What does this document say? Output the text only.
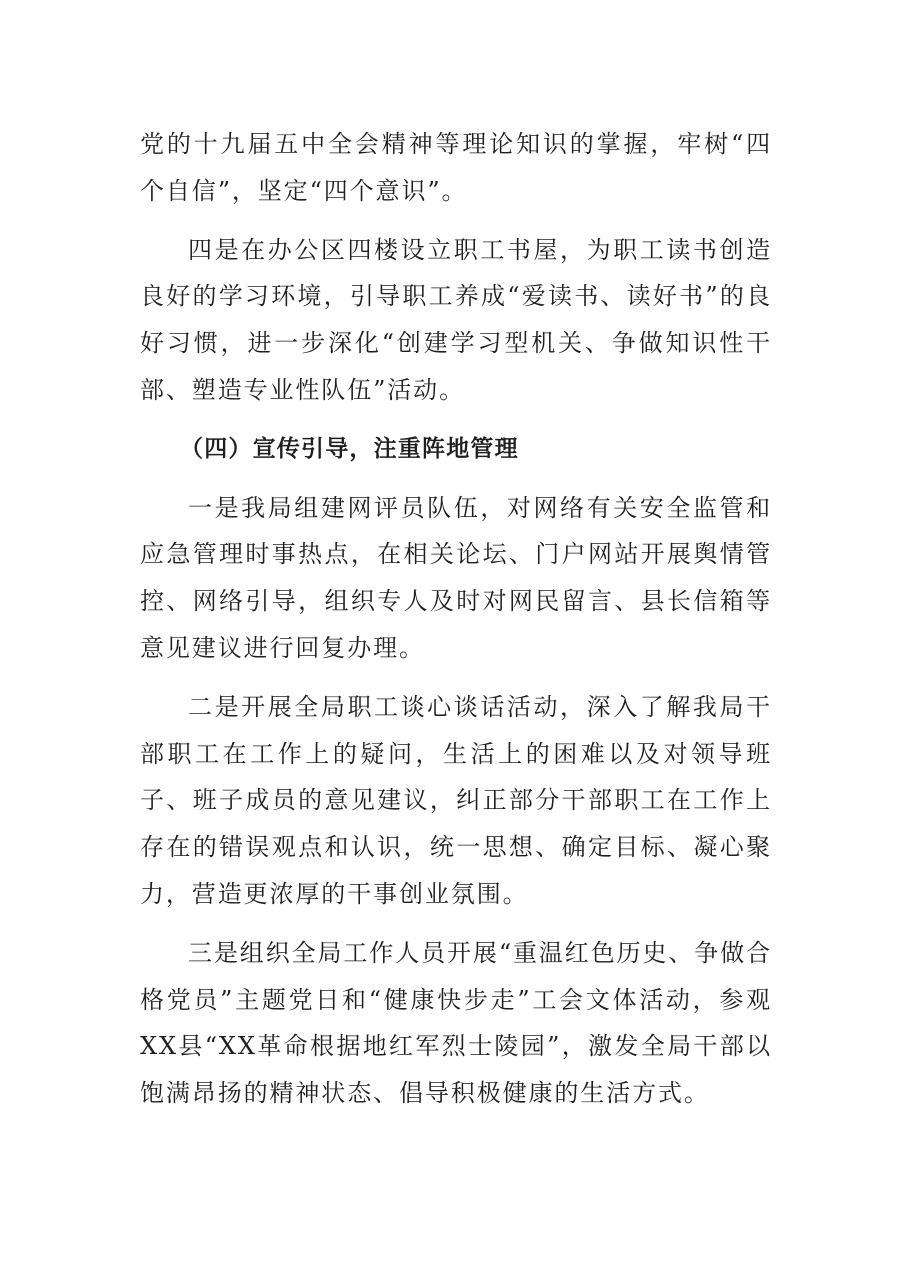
党的十九届五中全会精神等理论知识的掌握，牢树“四个自信”，坚定“四个意识”。

四是在办公区四楼设立职工书屋，为职工读书创造良好的学习环境，引导职工养成“爱读书、读好书”的良好习惯，进一步深化“创建学习型机关、争做知识性干部、塑造专业性队伍”活动。

（四）宣传引导，注重阵地管理

一是我局组建网评员队伍，对网络有关安全监管和应急管理时事热点，在相关论坛、门户网站开展舆情管控、网络引导，组织专人及时对网民留言、县长信箱等意见建议进行回复办理。

二是开展全局职工谈心谈话活动，深入了解我局干部职工在工作上的疑问，生活上的困难以及对领导班子、班子成员的意见建议，纠正部分干部职工在工作上存在的错误观点和认识，统一思想、确定目标、凝心聚力，营造更浓厚的干事创业氛围。

三是组织全局工作人员开展“重温红色历史、争做合格党员”主题党日和“健康快步走”工会文体活动，参观XX县“XX革命根据地红军烈士陵园”，激发全局干部以饱满昂扬的精神状态、倡导积极健康的生活方式。
